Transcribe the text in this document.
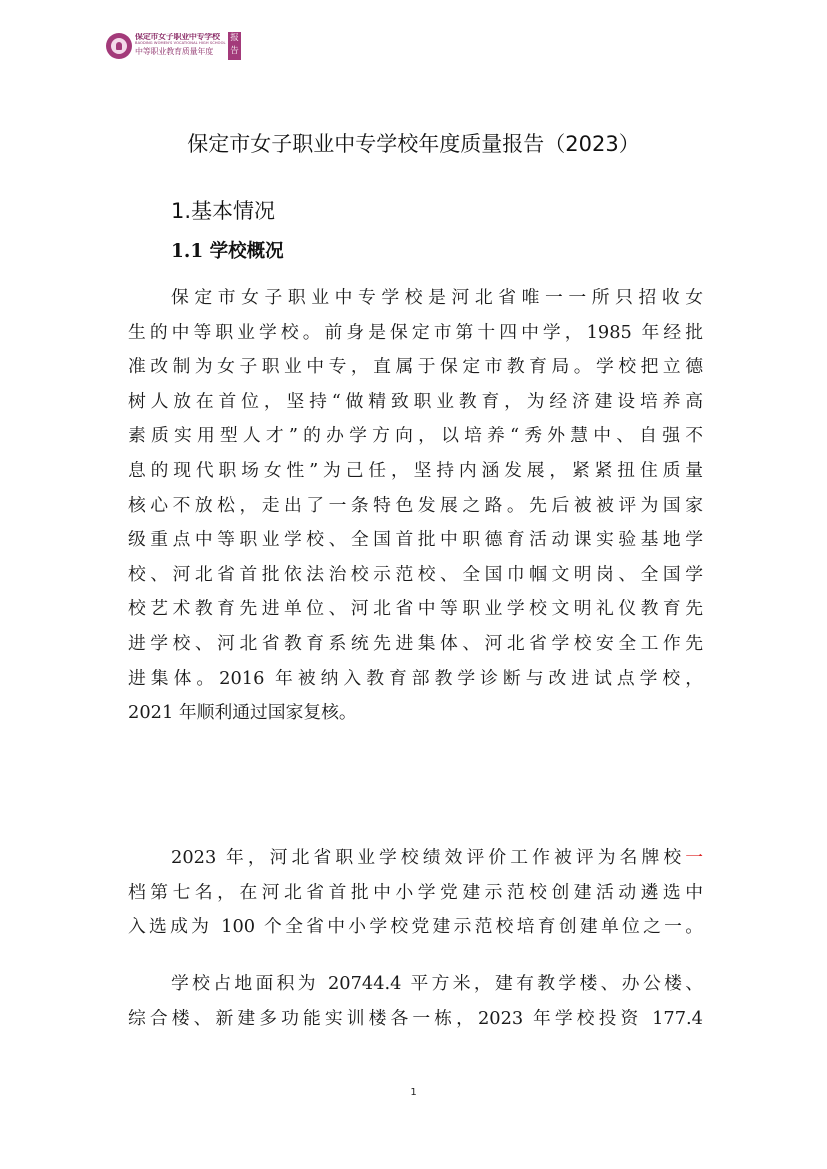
保定市女子职业中专学校
BAODING WOMEN'S VOCATIONAL HIGH SCHOOL
中等职业教育质量年度
报
告
保定市女子职业中专学校年度质量报告（2023）
1.基本情况
1.1 学校概况
保定市女子职业中专学校是河北省唯一一所只招收女
生的中等职业学校。前身是保定市第十四中学，1985 年经批
准改制为女子职业中专，直属于保定市教育局。学校把立德
树人放在首位，坚持“做精致职业教育，为经济建设培养高
素质实用型人才”的办学方向，以培养“秀外慧中、自强不
息的现代职场女性”为己任，坚持内涵发展，紧紧扭住质量
核心不放松，走出了一条特色发展之路。先后被被评为国家
级重点中等职业学校、全国首批中职德育活动课实验基地学
校、河北省首批依法治校示范校、全国巾帼文明岗、全国学
校艺术教育先进单位、河北省中等职业学校文明礼仪教育先
进学校、河北省教育系统先进集体、河北省学校安全工作先
进集体。2016 年被纳入教育部教学诊断与改进试点学校，
2021 年顺利通过国家复核。
2023 年，河北省职业学校绩效评价工作被评为名牌校一
档第七名，在河北省首批中小学党建示范校创建活动遴选中
入选成为 100 个全省中小学校党建示范校培育创建单位之一。
学校占地面积为 20744.4 平方米，建有教学楼、办公楼、
综合楼、新建多功能实训楼各一栋，2023 年学校投资 177.4
1
